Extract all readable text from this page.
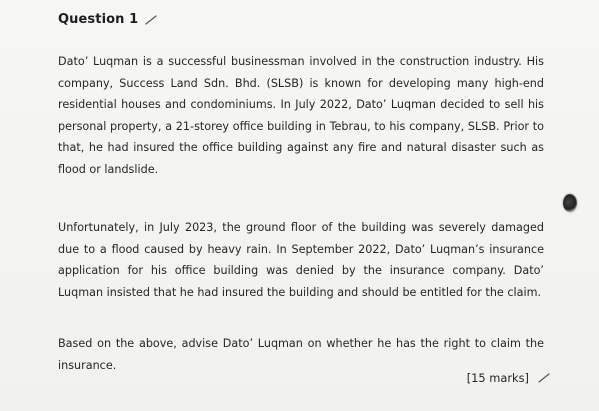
Question 1

Dato’ Luqman is a successful businessman involved in the construction industry. His company, Success Land Sdn. Bhd. (SLSB) is known for developing many high-end residential houses and condominiums. In July 2022, Dato’ Luqman decided to sell his personal property, a 21-storey office building in Tebrau, to his company, SLSB. Prior to that, he had insured the office building against any fire and natural disaster such as flood or landslide.

Unfortunately, in July 2023, the ground floor of the building was severely damaged due to a flood caused by heavy rain. In September 2022, Dato’ Luqman’s insurance application for his office building was denied by the insurance company. Dato’ Luqman insisted that he had insured the building and should be entitled for the claim.

Based on the above, advise Dato’ Luqman on whether he has the right to claim the insurance.

[15 marks]
